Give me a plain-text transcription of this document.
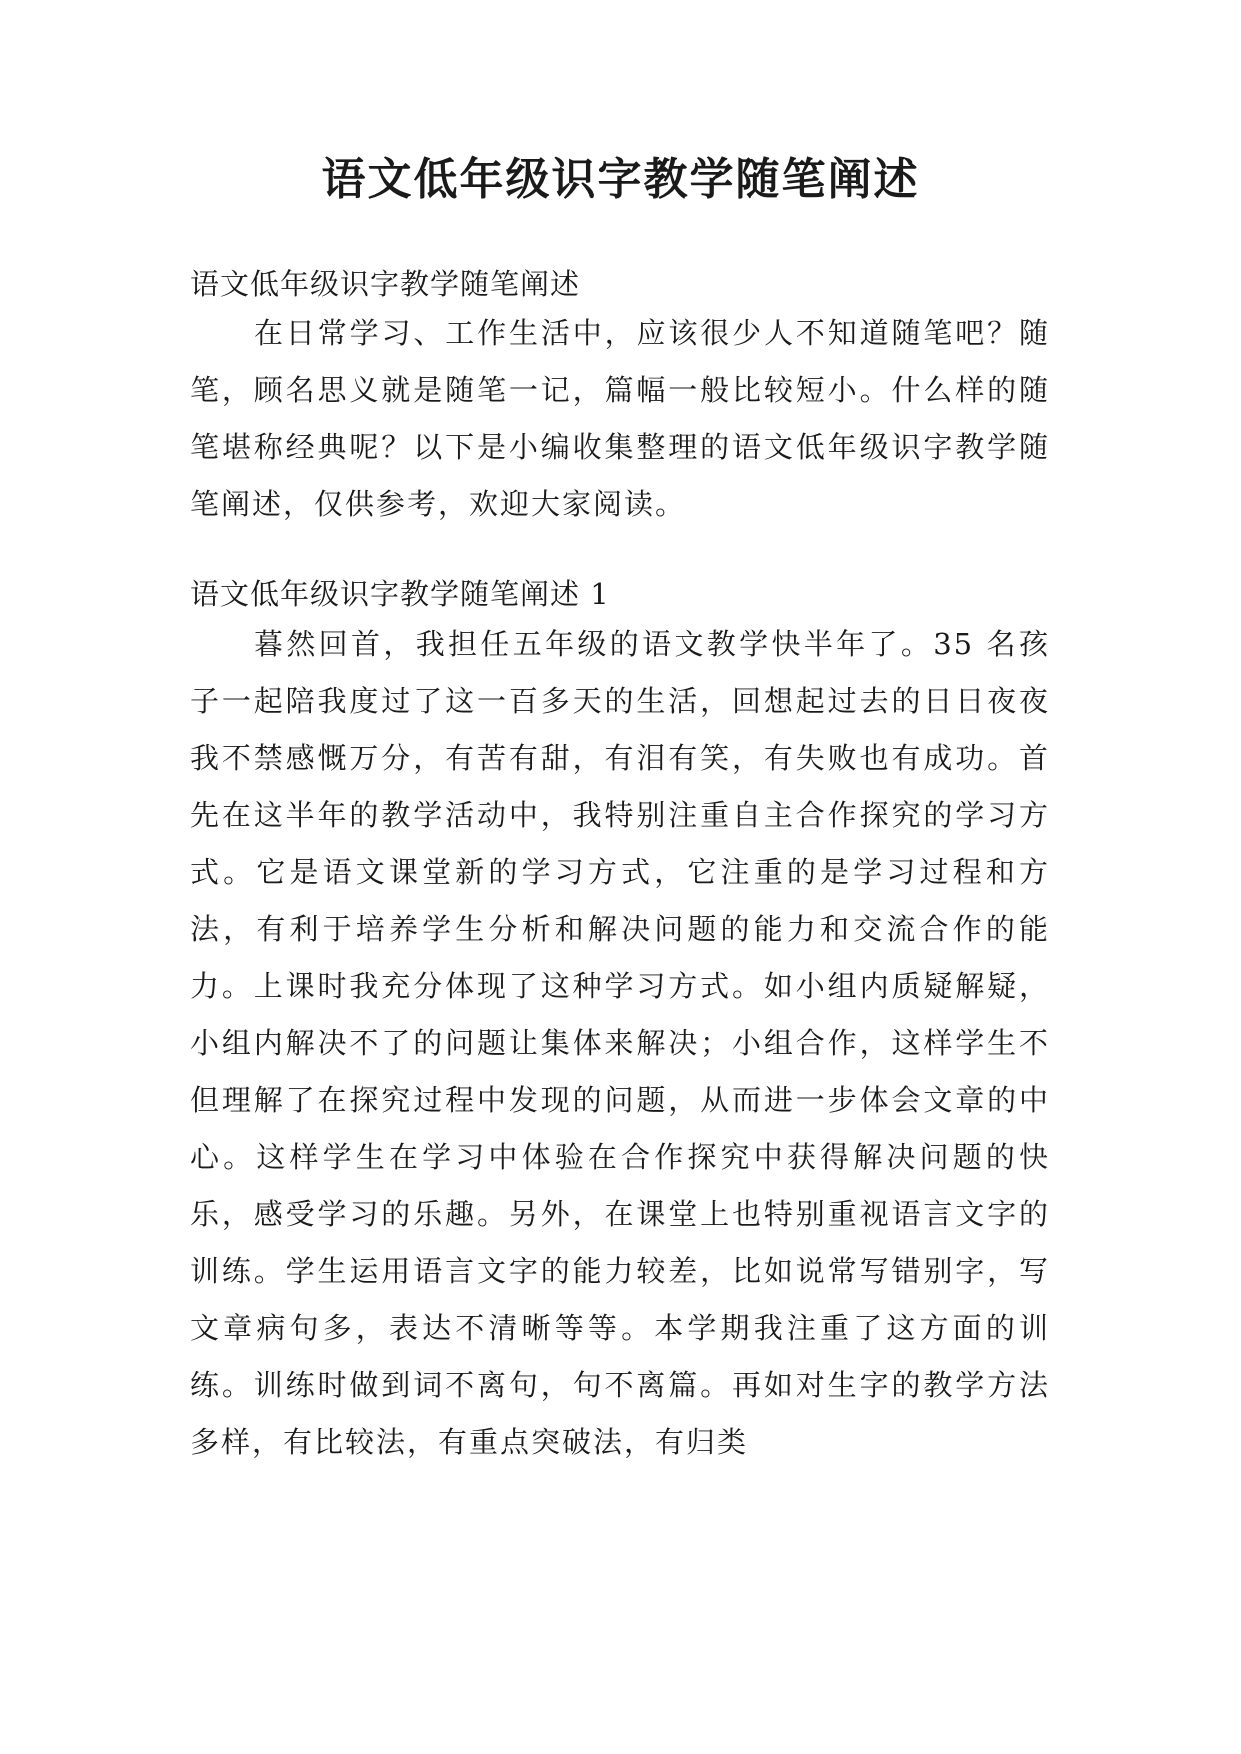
语文低年级识字教学随笔阐述

语文低年级识字教学随笔阐述

在日常学习、工作生活中，应该很少人不知道随笔吧？随笔，顾名思义就是随笔一记，篇幅一般比较短小。什么样的随笔堪称经典呢？以下是小编收集整理的语文低年级识字教学随笔阐述，仅供参考，欢迎大家阅读。

语文低年级识字教学随笔阐述 1

暮然回首，我担任五年级的语文教学快半年了。35 名孩子一起陪我度过了这一百多天的生活，回想起过去的日日夜夜我不禁感慨万分，有苦有甜，有泪有笑，有失败也有成功。首先在这半年的教学活动中，我特别注重自主合作探究的学习方式。它是语文课堂新的学习方式，它注重的是学习过程和方法，有利于培养学生分析和解决问题的能力和交流合作的能力。上课时我充分体现了这种学习方式。如小组内质疑解疑，小组内解决不了的问题让集体来解决；小组合作，这样学生不但理解了在探究过程中发现的问题，从而进一步体会文章的中心。这样学生在学习中体验在合作探究中获得解决问题的快乐，感受学习的乐趣。另外，在课堂上也特别重视语言文字的训练。学生运用语言文字的能力较差，比如说常写错别字，写文章病句多，表达不清晰等等。本学期我注重了这方面的训练。训练时做到词不离句，句不离篇。再如对生字的教学方法多样，有比较法，有重点突破法，有归类
